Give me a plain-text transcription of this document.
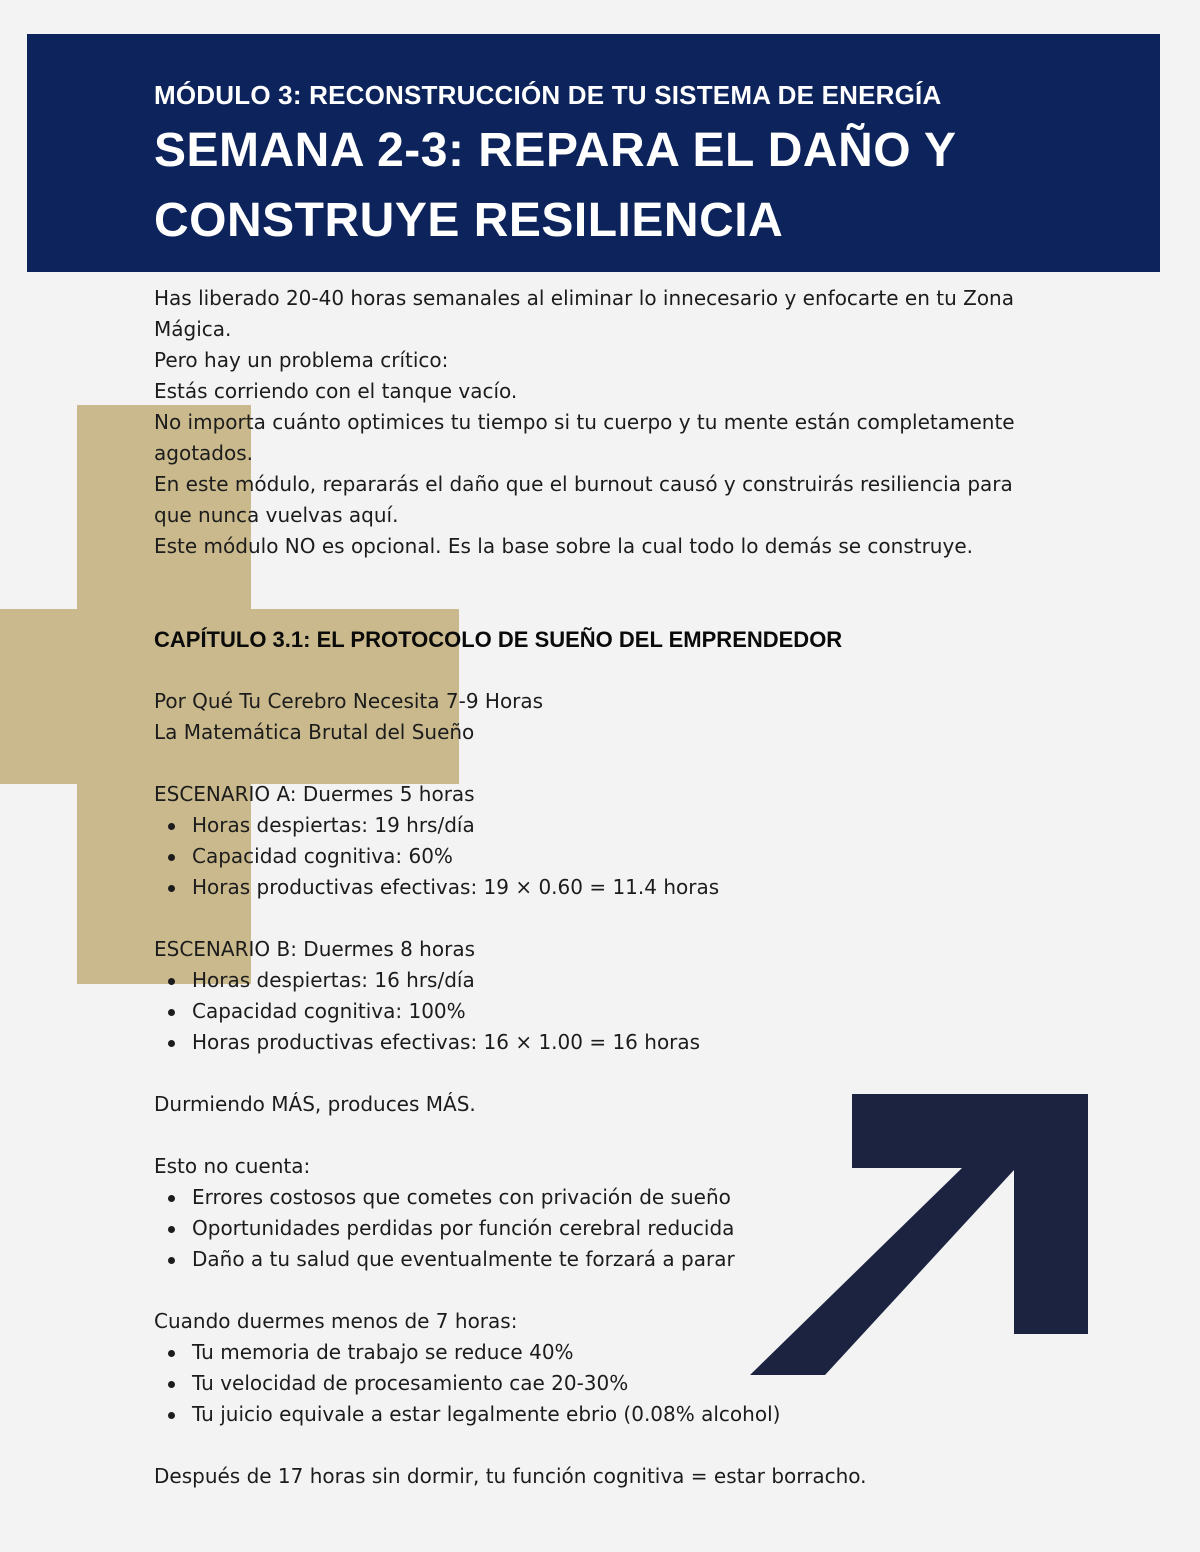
MÓDULO 3: RECONSTRUCCIÓN DE TU SISTEMA DE ENERGÍA
SEMANA 2-3: REPARA EL DAÑO Y CONSTRUYE RESILIENCIA

Has liberado 20-40 horas semanales al eliminar lo innecesario y enfocarte en tu Zona Mágica.

Pero hay un problema crítico:

Estás corriendo con el tanque vacío.

No importa cuánto optimices tu tiempo si tu cuerpo y tu mente están completamente agotados.

En este módulo, repararás el daño que el burnout causó y construirás resiliencia para que nunca vuelvas aquí.

Este módulo NO es opcional. Es la base sobre la cual todo lo demás se construye.

CAPÍTULO 3.1: EL PROTOCOLO DE SUEÑO DEL EMPRENDEDOR

Por Qué Tu Cerebro Necesita 7-9 Horas

La Matemática Brutal del Sueño

ESCENARIO A: Duermes 5 horas

Horas despiertas: 19 hrs/día
Capacidad cognitiva: 60%
Horas productivas efectivas: 19 × 0.60 = 11.4 horas

ESCENARIO B: Duermes 8 horas

Horas despiertas: 16 hrs/día
Capacidad cognitiva: 100%
Horas productivas efectivas: 16 × 1.00 = 16 horas

Durmiendo MÁS, produces MÁS.

Esto no cuenta:

Errores costosos que cometes con privación de sueño
Oportunidades perdidas por función cerebral reducida
Daño a tu salud que eventualmente te forzará a parar

Cuando duermes menos de 7 horas:

Tu memoria de trabajo se reduce 40%
Tu velocidad de procesamiento cae 20-30%
Tu juicio equivale a estar legalmente ebrio (0.08% alcohol)

Después de 17 horas sin dormir, tu función cognitiva = estar borracho.
